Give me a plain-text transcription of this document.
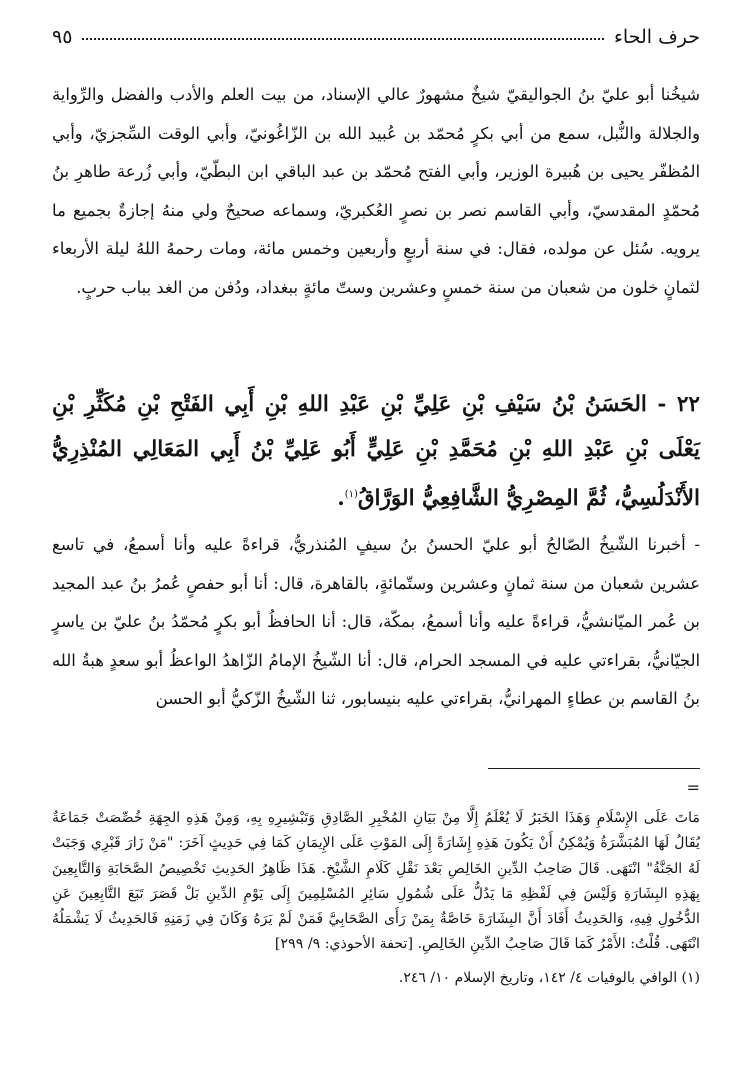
حرف الحاء
٩٥
شيخُنا أبو عليّ بنُ الجواليقيّ شيخٌ مشهورٌ عالي الإسناد، من بيت العلم والأدب والفضل والرِّواية والجلالة والنُّبل، سمع من أبي بكرٍ مُحمّد بن عُبيد الله بن الزّاغُونيّ، وأبي الوقت السِّجزيّ، وأبي المُظفّر يحيى بن هُبيرة الوزير، وأبي الفتح مُحمّد بن عبد الباقي ابن البطّيّ، وأبي زُرعة طاهرِ بنُ مُحمّدٍ المقدسيّ، وأبي القاسم نصر بن نصرٍ العُكبريّ، وسماعه صحيحٌ ولي منهُ إجازةٌ بجميع ما يرويه. سُئل عن مولده، فقال: في سنة أربعٍ وأربعين وخمس مائة، ومات رحمهُ اللهُ ليلة الأربعاء لثمانٍ خلون من شعبان من سنة خمسٍ وعشرين وستّ مائةٍ ببغداد، ودُفن من الغد بباب حربٍ.
٢٢ - الحَسَنُ بْنُ سَيْفِ بْنِ عَلِيِّ بْنِ عَبْدِ اللهِ بْنِ أَبِي الفَتْحِ بْنِ مُكَثِّرِ بْنِ يَعْلَى بْنِ عَبْدِ اللهِ بْنِ مُحَمَّدِ بْنِ عَلِيٍّ أَبُو عَلِيِّ بْنُ أَبِي المَعَالِي المُنْذِرِيُّ الأَنْدَلُسِيُّ، ثُمَّ المِصْرِيُّ الشَّافِعِيُّ الوَرَّاقُ$^{(١)}$.
- أخبرنا الشّيخُ الصّالحُ أبو عليّ الحسنُ بنُ سيفٍ المُنذريُّ، قراءةً عليه وأنا أسمعُ، في تاسع عشرين شعبان من سنة ثمانٍ وعشرين وستّمائةٍ، بالقاهرة، قال: أنا أبو حفصٍ عُمرُ بنُ عبد المجيد بن عُمر الميّانشيُّ، قراءةً عليه وأنا أسمعُ، بمكّة، قال: أنا الحافظُ أبو بكرٍ مُحمّدُ بنُ عليّ بن ياسرٍ الجيّانيُّ، بقراءتي عليه في المسجد الحرام، قال: أنا الشّيخُ الإمامُ الزّاهدُ الواعظُ أبو سعدٍ هبةُ الله بنُ القاسم بن عطاءٍ المهرانيُّ، بقراءتي عليه بنيسابور، ثنا الشّيخُ الزّكيُّ أبو الحسن
=
مَاتَ عَلَى الإِسْلَامِ وَهَذَا الخَبَرُ لَا يُعْلَمُ إِلَّا مِنْ بَيَانِ المُخْبِرِ الصَّادِقِ وَتَبْشِيرِهِ بِهِ، وَمِنْ هَذِهِ الجِهَةِ خُصِّصَتْ جَمَاعَةٌ يُقَالُ لَهَا المُبَشَّرَةُ وَيُمْكِنُ أَنْ يَكُونَ هَذِهِ إِشَارَةً إِلَى المَوْتِ عَلَى الإِيمَانِ كَمَا فِي حَدِيثٍ آخَرَ: "مَنْ زَارَ قَبْرِي وَجَبَتْ لَهُ الجَنَّةُ" انْتَهَى. قَالَ صَاحِبُ الدِّينِ الخَالِصِ بَعْدَ نَقْلِ كَلَامِ الشَّيْخِ. هَذَا ظَاهِرُ الحَدِيثِ تَخْصِيصُ الصَّحَابَةِ وَالتَّابِعِينَ بِهَذِهِ البِشَارَةِ وَلَيْسَ فِي لَفْظِهِ مَا يَدُلُّ عَلَى شُمُولِ سَائِرِ المُسْلِمِينَ إِلَى يَوْمِ الدِّينِ بَلْ قَصَرَ تَبَعَ التَّابِعِينَ عَنِ الدُّخُولِ فِيهِ، وَالحَدِيثُ أَفَادَ أَنَّ البِشَارَةَ خَاصَّةٌ بِمَنْ رَأَى الصَّحَابِيَّ فَمَنْ لَمْ يَرَهُ وَكَانَ فِي زَمَنِهِ فَالحَدِيثُ لَا يَشْمَلُهُ انْتَهَى. قُلْتُ: الأَمْرُ كَمَا قَالَ صَاحِبُ الدِّينِ الخَالِصِ. [تحفة الأحوذي: ٩/ ٢٩٩]
(١) الوافي بالوفيات ٤/ ١٤٢، وتاريخ الإسلام ١٠/ ٢٤٦.
